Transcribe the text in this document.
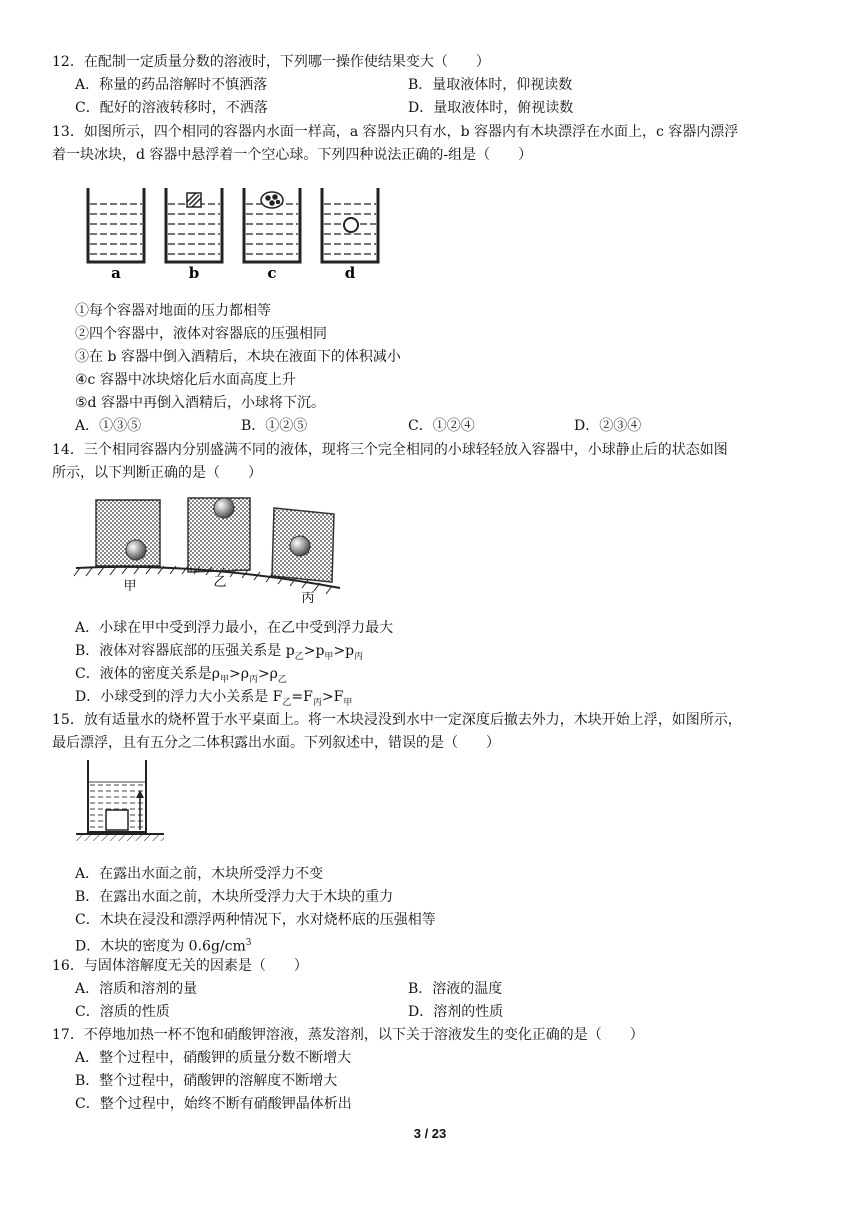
12．在配制一定质量分数的溶液时，下列哪一操作使结果变大（　　）
A．称量的药品溶解时不慎洒落	B．量取液体时，仰视读数
C．配好的溶液转移时，不洒落	D．量取液体时，俯视读数
13．如图所示，四个相同的容器内水面一样高，a 容器内只有水，b 容器内有木块漂浮在水面上，c 容器内漂浮
着一块冰块，d 容器中悬浮着一个空心球。下列四种说法正确的-组是（　　）
a	b	c	d
①每个容器对地面的压力都相等
②四个容器中，液体对容器底的压强相同
③在 b 容器中倒入酒精后，木块在液面下的体积减小
④c 容器中冰块熔化后水面高度上升
⑤d 容器中再倒入酒精后，小球将下沉。
A．①③⑤	B．①②⑤	C．①②④	D．②③④
14．三个相同容器内分别盛满不同的液体，现将三个完全相同的小球轻轻放入容器中，小球静止后的状态如图
所示，以下判断正确的是（　　）
甲	乙
丙
A．小球在甲中受到浮力最小，在乙中受到浮力最大
B．液体对容器底部的压强关系是 $p_乙>p_甲>p_丙$
C．液体的密度关系是$\rho_甲>\rho_丙>\rho_乙$
D．小球受到的浮力大小关系是 $F_乙=F_丙>F_甲$
15．放有适量水的烧杯置于水平桌面上。将一木块浸没到水中一定深度后撤去外力，木块开始上浮，如图所示，
最后漂浮，且有五分之二体积露出水面。下列叙述中，错误的是（　　）
A．在露出水面之前，木块所受浮力不变
B．在露出水面之前，木块所受浮力大于木块的重力
C．木块在浸没和漂浮两种情况下，水对烧杯底的压强相等
D．木块的密度为 $0.6g/cm^3$
16．与固体溶解度无关的因素是（　　）
A．溶质和溶剂的量	B．溶液的温度
C．溶质的性质	D．溶剂的性质
17．不停地加热一杯不饱和硝酸钾溶液，蒸发溶剂，以下关于溶液发生的变化正确的是（　　）
A．整个过程中，硝酸钾的质量分数不断增大
B．整个过程中，硝酸钾的溶解度不断增大
C．整个过程中，始终不断有硝酸钾晶体析出
3 / 23
